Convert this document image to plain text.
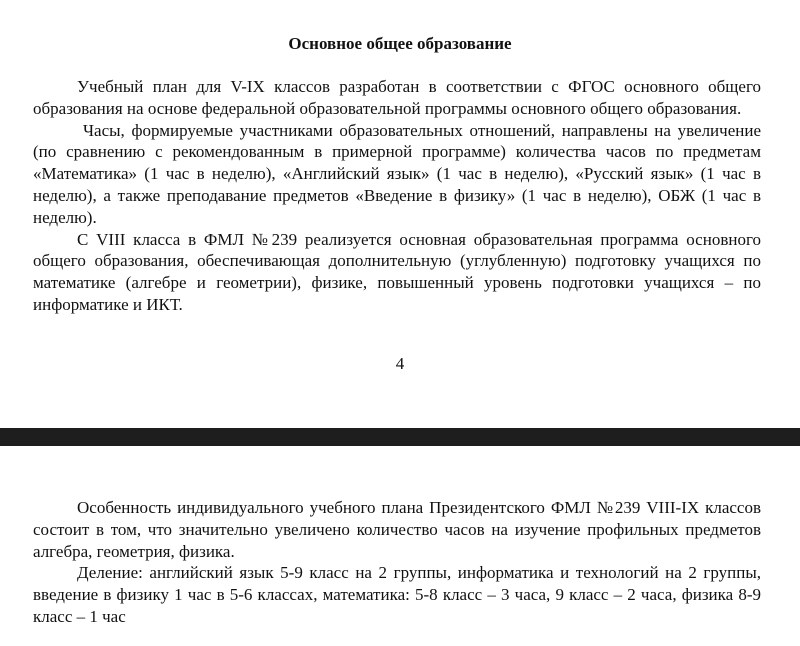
Основное общее образование

Учебный план для V-IX классов разработан в соответствии с ФГОС основного общего образования на основе федеральной образовательной программы основного общего образования.

Часы, формируемые участниками образовательных отношений, направлены на увеличение (по сравнению с рекомендованным в примерной программе) количества часов по предметам «Математика» (1 час в неделю), «Английский язык» (1 час в неделю), «Русский язык» (1 час в неделю), а также преподавание предметов «Введение в физику» (1 час в неделю), ОБЖ (1 час в неделю).

С VIII класса в ФМЛ №239 реализуется основная образовательная программа основного общего образования, обеспечивающая дополнительную (углубленную) подготовку учащихся по математике (алгебре и геометрии), физике, повышенный уровень подготовки учащихся – по информатике и ИКТ.

4

Особенность индивидуального учебного плана Президентского ФМЛ №239 VIII-IX классов состоит в том, что значительно увеличено количество часов на изучение профильных предметов алгебра, геометрия, физика.

Деление: английский язык 5-9 класс на 2 группы, информатика и технологий на 2 группы, введение в физику 1 час в 5-6 классах, математика: 5-8 класс – 3 часа, 9 класс – 2 часа, физика 8-9 класс – 1 час
